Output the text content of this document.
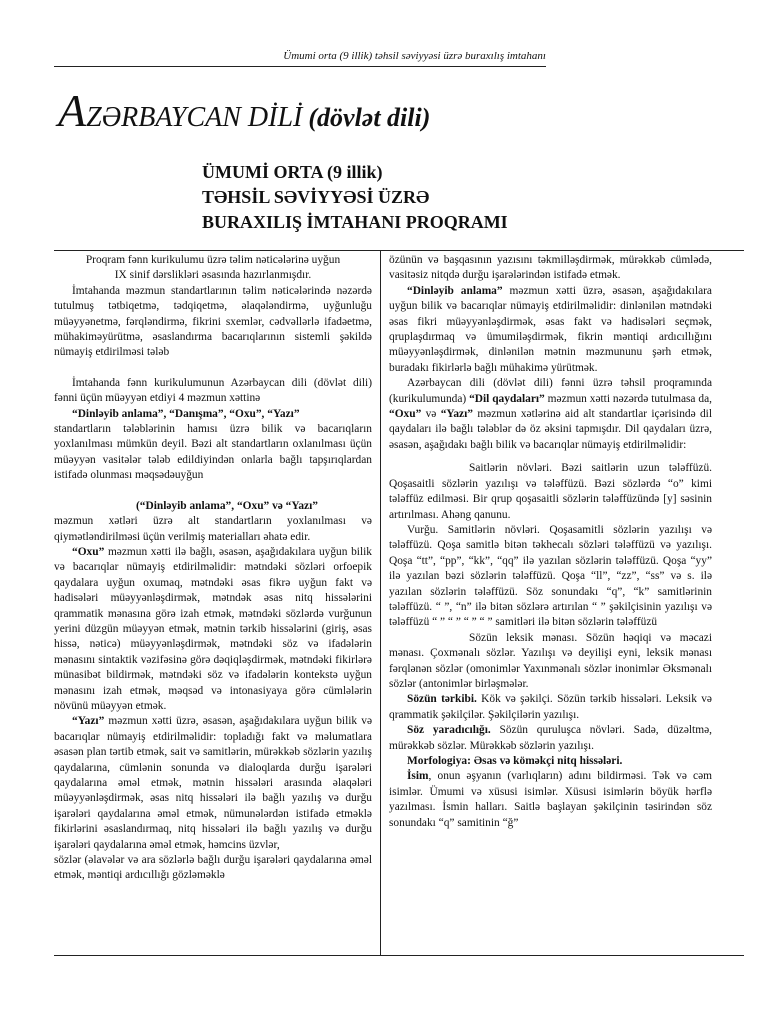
Ümumi orta (9 illik) təhsil səviyyəsi üzrə buraxılış imtahanı
AZƏRBAYCAN DİLİ (dövlət dili)
ÜMUMİ ORTA (9 illik)
TƏHSİL SƏVİYYƏSİ ÜZRƏ
BURAXILIŞ İMTAHANI PROQRAMI

Proqram fənn kurikulumu üzrə təlim nəticələrinə uyğun

IX sinif dərslikləri əsasında hazırlanmışdır.

İmtahanda məzmun standartlarının təlim nəticələrində nəzərdə tutulmuş tətbiqetmə, tədqiqetmə, əlaqələndirmə, uyğunluğu müəyyənetmə, fərqləndirmə, fikrini sxemlər, cədvəllərlə ifadəetmə, mühakiməyürütmə, əsaslandırma bacarıqlarının sistemli şəkildə nümayiş etdirilməsi tələb

İmtahanda fənn kurikulumunun Azərbaycan dili (dövlət dili) fənni üçün müəyyən etdiyi 4 məzmun xəttinə

“Dinləyib anlama”, “Danışma”, “Oxu”, “Yazı”

standartların tələblərinin hamısı üzrə bilik və bacarıqların yoxlanılması mümkün deyil. Bəzi alt standartların oxlanılması üçün müəyyən vasitələr tələb edildiyindən onlarla bağlı tapşırıqlardan istifadə olunması məqsədəuyğun

(“Dinləyib anlama”, “Oxu” və “Yazı”

məzmun xətləri üzrə alt standartların yoxlanılması və qiymətləndirilməsi üçün verilmiş materialları əhatə edir.

“Oxu” məzmun xətti ilə bağlı, əsasən, aşağıdakılara uyğun bilik və bacarıqlar nümayiş etdirilməlidir: mətndəki sözləri orfoepik qaydalara uyğun oxumaq, mətndəki əsas fikrə uyğun fakt və hadisələri müəyyənləşdirmək, mətndək əsas nitq hissələrini qrammatik mənasına görə izah etmək, mətndəki sözlərdə vurğunun yerini düzgün müəyyən etmək, mətnin tərkib hissələrini (giriş, əsas hissə, nəticə) müəyyənləşdirmək, mətndəki söz və ifadələrin mənasını sintaktik vəzifəsinə görə dəqiqləşdirmək, mətndəki fikirlərə münasibət bildirmək, mətndəki söz və ifadələrin kontekstə uyğun mənasını izah etmək, məqsəd və intonasiyaya görə cümlələrin növünü müəyyən etmək.

“Yazı” məzmun xətti üzrə, əsasən, aşağıdakılara uyğun bilik və bacarıqlar nümayiş etdirilməlidir: topladığı fakt və məlumatlara əsasən plan tərtib etmək, sait və samitlərin, mürəkkəb sözlərin yazılış qaydalarına, cümlənin sonunda və dialoqlarda durğu işarələri qaydalarına əməl etmək, mətnin hissələri arasında əlaqələri müəyyənləşdirmək, əsas nitq hissələri ilə bağlı yazılış və durğu işarələri qaydalarına əməl etmək, nümunələrdən istifadə etməklə fikirlərini əsaslandırmaq, nitq hissələri ilə bağlı yazılış və durğu işarələri qaydalarına əməl etmək, həmcins üzvlər,

sözlər (əlavələr və ara sözlərlə bağlı durğu işarələri qaydalarına əməl etmək, məntiqi ardıcıllığı gözləməklə

özünün və başqasının yazısını təkmilləşdirmək, mürəkkəb cümlədə, vasitəsiz nitqdə durğu işarələrindən istifadə etmək.

“Dinləyib anlama” məzmun xətti üzrə, əsasən, aşağıdakılara uyğun bilik və bacarıqlar nümayiş etdirilməlidir: dinlənilən mətndəki əsas fikri müəyyənləşdirmək, əsas fakt və hadisələri seçmək, qruplaşdırmaq və ümumiləşdirmək, fikrin məntiqi ardıcıllığını müəyyənləşdirmək, dinlənilən mətnin məzmununu şərh etmək, buradakı fikirlərlə bağlı mühakimə yürütmək.

Azərbaycan dili (dövlət dili) fənni üzrə təhsil proqramında (kurikulumunda) “Dil qaydaları” məzmun xətti nəzərdə tutulmasa da, “Oxu” və “Yazı” məzmun xətlərinə aid alt standartlar içərisində dil qaydaları ilə bağlı tələblər də öz əksini tapmışdır. Dil qaydaları üzrə, əsasən, aşağıdakı bağlı bilik və bacarıqlar nümayiş etdirilməlidir:

Saitlərin növləri. Bəzi saitlərin uzun tələffüzü. Qoşasaitli sözlərin yazılışı və tələffüzü. Bəzi sözlərdə “o” kimi tələffüz edilməsi. Bir qrup qoşasaitli sözlərin tələffüzündə [y] səsinin artırılması. Ahəng qanunu.

Vurğu. Samitlərin növləri. Qoşasamitli sözlərin yazılışı və tələffüzü. Qoşa samitlə bitən təkhecalı sözləri tələffüzü və yazılışı. Qoşa “tt”, “pp”, “kk”, “qq” ilə yazılan sözlərin tələffüzü. Qoşa “yy” ilə yazılan bəzi sözlərin tələffüzü. Qoşa “ll”, “zz”, “ss” və s. ilə yazılan sözlərin tələffüzü. Söz sonundakı “q”, “k” samitlərinin tələffüzü. “ ”, “n” ilə bitən sözlərə artırılan “ ” şəkilçisinin yazılışı və tələffüzü “ ” “ ” “ ” “ ” samitləri ilə bitən sözlərin tələffüzü

Sözün leksik mənası. Sözün həqiqi və məcazi mənası. Çoxmənalı sözlər. Yazılışı və deyilişi eyni, leksik mənası fərqlənən sözlər (omonimlər Yaxınmənalı sözlər inonimlər Əksmənalı sözlər (antonimlər birləşmələr.

Sözün tərkibi. Kök və şəkilçi. Sözün tərkib hissələri. Leksik və qrammatik şəkilçilər. Şəkilçilərin yazılışı.

Söz yaradıcılığı. Sözün quruluşca növləri. Sadə, düzəltmə, mürəkkəb sözlər. Mürəkkəb sözlərin yazılışı.

Morfologiya: Əsas və köməkçi nitq hissələri.

İsim, onun əşyanın (varlıqların) adını bildirməsi. Tək və cəm isimlər. Ümumi və xüsusi isimlər. Xüsusi isimlərin böyük hərflə yazılması. İsmin halları. Saitlə başlayan şəkilçinin təsirindən söz sonundakı “q” samitinin “ğ”
